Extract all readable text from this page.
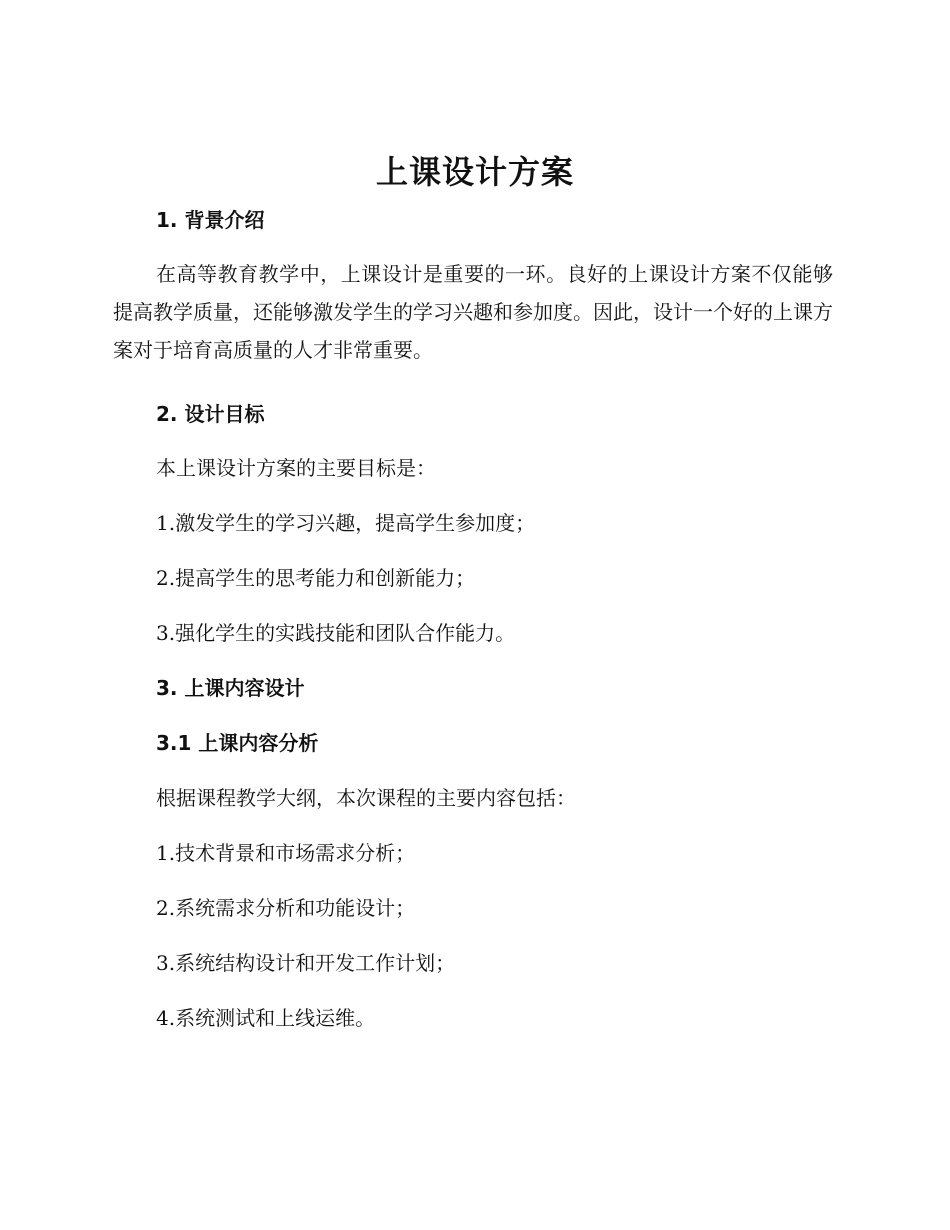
上课设计方案
1. 背景介绍
在高等教育教学中，上课设计是重要的一环。良好的上课设计方案不仅能够提高教学质量，还能够激发学生的学习兴趣和参加度。因此，设计一个好的上课方案对于培育高质量的人才非常重要。
2. 设计目标
本上课设计方案的主要目标是：
1.激发学生的学习兴趣，提高学生参加度；
2.提高学生的思考能力和创新能力；
3.强化学生的实践技能和团队合作能力。
3. 上课内容设计
3.1 上课内容分析
根据课程教学大纲，本次课程的主要内容包括：
1.技术背景和市场需求分析；
2.系统需求分析和功能设计；
3.系统结构设计和开发工作计划；
4.系统测试和上线运维。
